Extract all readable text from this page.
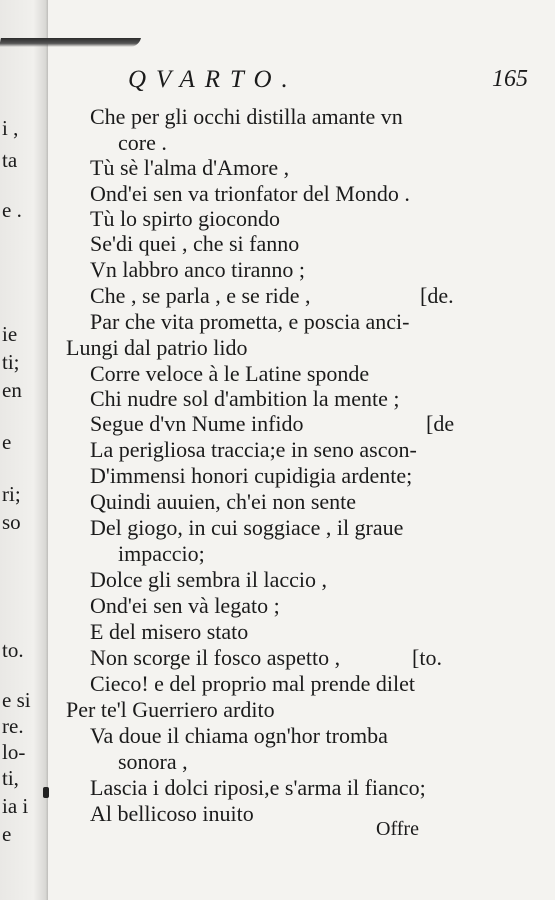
i ,
ta
e .
ie
ti;
en
e
ri;
so
to.
e si
re.
lo-
ti,
ia i
e
QVARTO.	165
Che per gli occhi distilla amante vn
core .
Tù sè l'alma d'Amore ,
Ond'ei sen va trionfator del Mondo .
Tù lo spirto giocondo
Se'di quei , che si fanno
Vn labbro anco tiranno ;
Che , se parla , e se ride ,	[de.
Par che vita prometta, e poscia anci-
Lungi dal patrio lido
Corre veloce à le Latine sponde
Chi nudre sol d'ambition la mente ;
Segue d'vn Nume infido	[de
La perigliosa traccia;e in seno ascon-
D'immensi honori cupidigia ardente;
Quindi auuien, ch'ei non sente
Del giogo, in cui soggiace , il graue
impaccio;
Dolce gli sembra il laccio ,
Ond'ei sen và legato ;
E del misero stato
Non scorge il fosco aspetto ,	[to.
Cieco! e del proprio mal prende dilet
Per te'l Guerriero ardito
Va doue il chiama ogn'hor tromba
sonora ,
Lascia i dolci riposi,e s'arma il fianco;
Al bellicoso inuito
Offre
